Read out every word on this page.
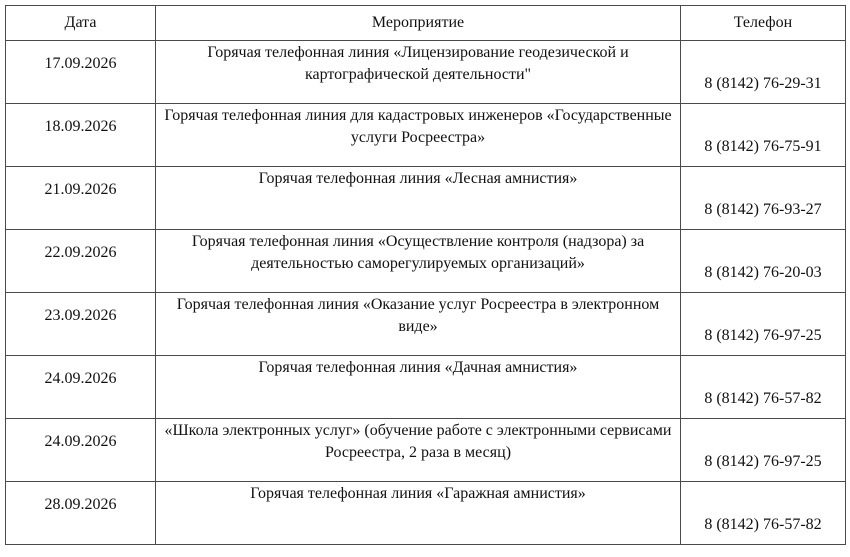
Дата	Мероприятие	Телефон
17.09.2026	Горячая телефонная линия «Лицензирование геодезической и картографической деятельности"	8 (8142) 76-29-31
18.09.2026	Горячая телефонная линия для кадастровых инженеров «Государственные услуги Росреестра»	8 (8142) 76-75-91
21.09.2026	Горячая телефонная линия «Лесная амнистия»	8 (8142) 76-93-27
22.09.2026	Горячая телефонная линия «Осуществление контроля (надзора) за деятельностью саморегулируемых организаций»	8 (8142) 76-20-03
23.09.2026	Горячая телефонная линия «Оказание услуг Росреестра в электронном виде»	8 (8142) 76-97-25
24.09.2026	Горячая телефонная линия «Дачная амнистия»	8 (8142) 76-57-82
24.09.2026	«Школа электронных услуг» (обучение работе с электронными сервисами Росреестра, 2 раза в месяц)	8 (8142) 76-97-25
28.09.2026	Горячая телефонная линия «Гаражная амнистия»	8 (8142) 76-57-82
